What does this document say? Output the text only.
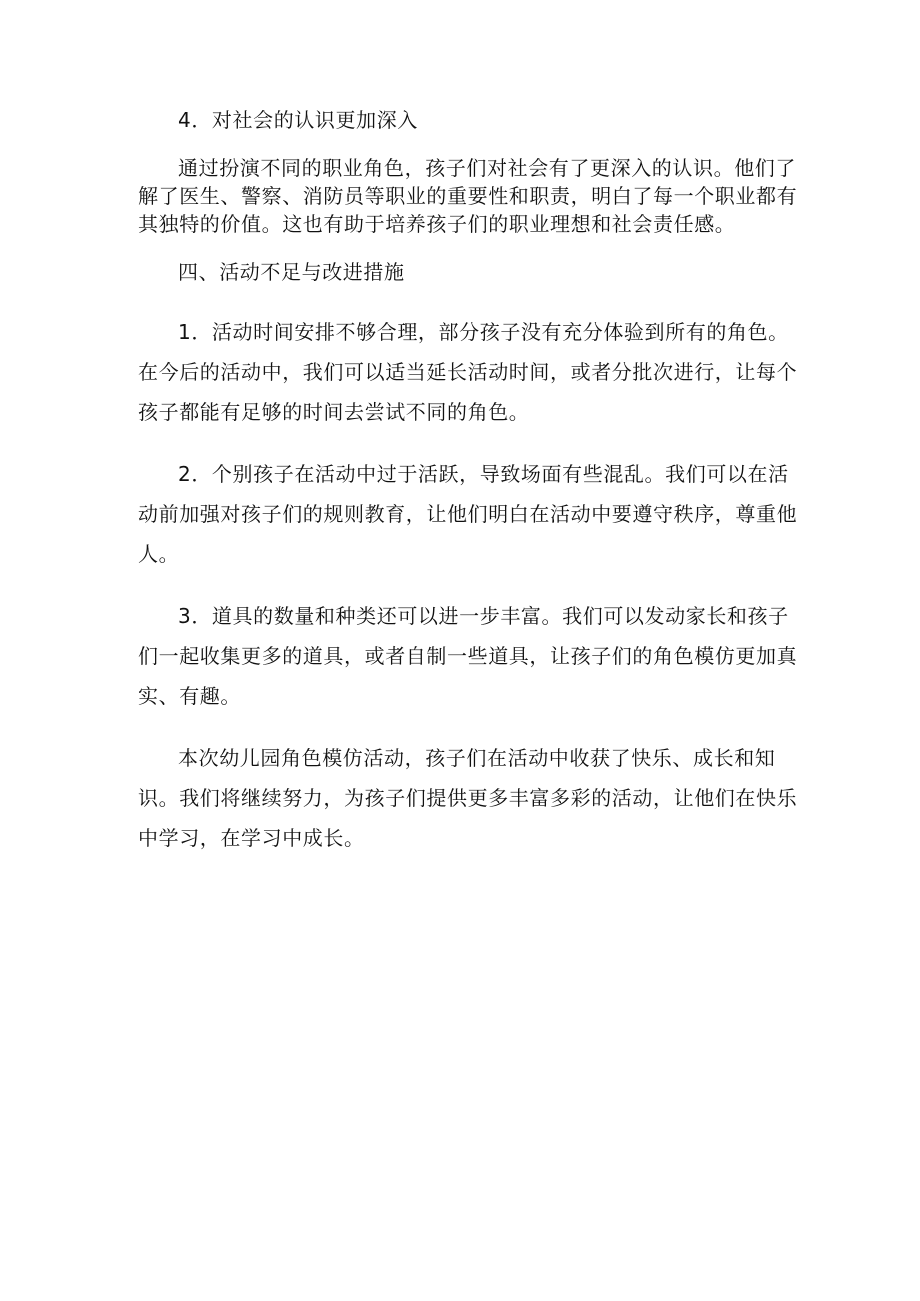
4．对社会的认识更加深入

通过扮演不同的职业角色，孩子们对社会有了更深入的认识。他们了解了医生、警察、消防员等职业的重要性和职责，明白了每一个职业都有其独特的价值。这也有助于培养孩子们的职业理想和社会责任感。

四、活动不足与改进措施

1．活动时间安排不够合理，部分孩子没有充分体验到所有的角色。在今后的活动中，我们可以适当延长活动时间，或者分批次进行，让每个孩子都能有足够的时间去尝试不同的角色。

2．个别孩子在活动中过于活跃，导致场面有些混乱。我们可以在活动前加强对孩子们的规则教育，让他们明白在活动中要遵守秩序，尊重他人。

3．道具的数量和种类还可以进一步丰富。我们可以发动家长和孩子们一起收集更多的道具，或者自制一些道具，让孩子们的角色模仿更加真实、有趣。

本次幼儿园角色模仿活动，孩子们在活动中收获了快乐、成长和知识。我们将继续努力，为孩子们提供更多丰富多彩的活动，让他们在快乐中学习，在学习中成长。
